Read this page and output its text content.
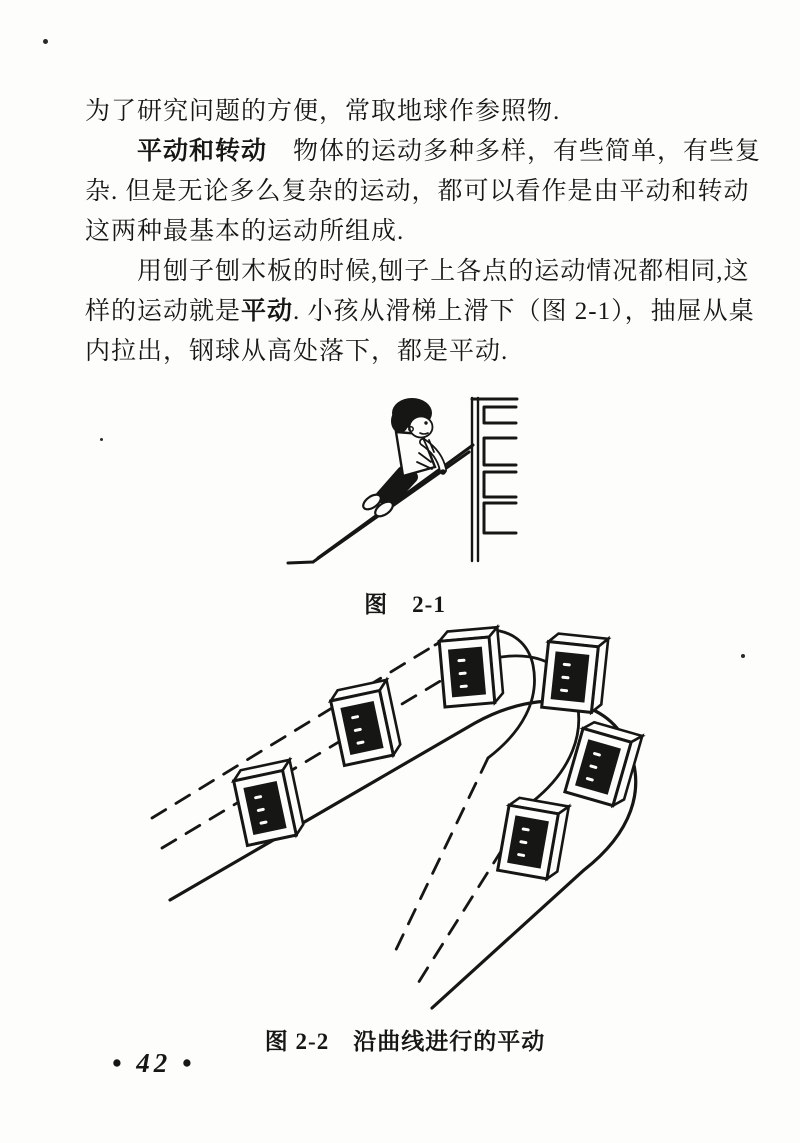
为了研究问题的方便，常取地球作参照物.
平动和转动　物体的运动多种多样，有些简单，有些复
杂. 但是无论多么复杂的运动，都可以看作是由平动和转动
这两种最基本的运动所组成.
用刨子刨木板的时候,刨子上各点的运动情况都相同,这
样的运动就是平动. 小孩从滑梯上滑下（图 2-1），抽屉从桌
内拉出，钢球从高处落下，都是平动.
图　2-1
图 2-2　沿曲线进行的平动
• 42 •
